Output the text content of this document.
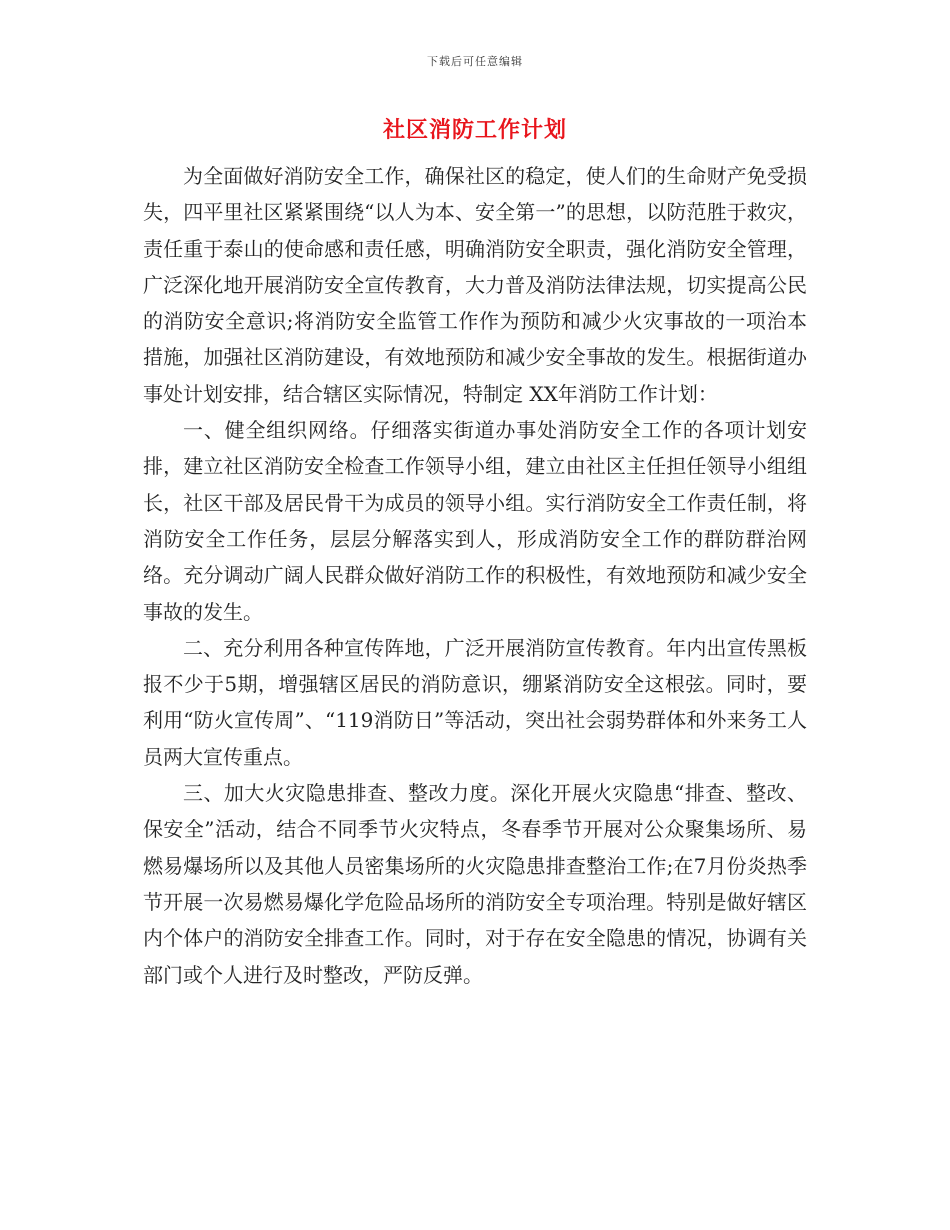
下载后可任意编辑
社区消防工作计划

为全面做好消防安全工作，确保社区的稳定，使人们的生命财产免受损失，四平里社区紧紧围绕“以人为本、安全第一”的思想，以防范胜于救灾，责任重于泰山的使命感和责任感，明确消防安全职责，强化消防安全管理，广泛深化地开展消防安全宣传教育，大力普及消防法律法规，切实提高公民的消防安全意识;将消防安全监管工作作为预防和减少火灾事故的一项治本措施，加强社区消防建设，有效地预防和减少安全事故的发生。根据街道办事处计划安排，结合辖区实际情况，特制定 XX年消防工作计划：

一、健全组织网络。仔细落实街道办事处消防安全工作的各项计划安排，建立社区消防安全检查工作领导小组，建立由社区主任担任领导小组组长，社区干部及居民骨干为成员的领导小组。实行消防安全工作责任制，将消防安全工作任务，层层分解落实到人，形成消防安全工作的群防群治网络。充分调动广阔人民群众做好消防工作的积极性，有效地预防和减少安全事故的发生。

二、充分利用各种宣传阵地，广泛开展消防宣传教育。年内出宣传黑板报不少于5期，增强辖区居民的消防意识，绷紧消防安全这根弦。同时，要利用“防火宣传周”、“119消防日”等活动，突出社会弱势群体和外来务工人员两大宣传重点。

三、加大火灾隐患排查、整改力度。深化开展火灾隐患“排查、整改、保安全”活动，结合不同季节火灾特点，冬春季节开展对公众聚集场所、易燃易爆场所以及其他人员密集场所的火灾隐患排查整治工作;在7月份炎热季节开展一次易燃易爆化学危险品场所的消防安全专项治理。特别是做好辖区内个体户的消防安全排查工作。同时，对于存在安全隐患的情况，协调有关部门或个人进行及时整改，严防反弹。
